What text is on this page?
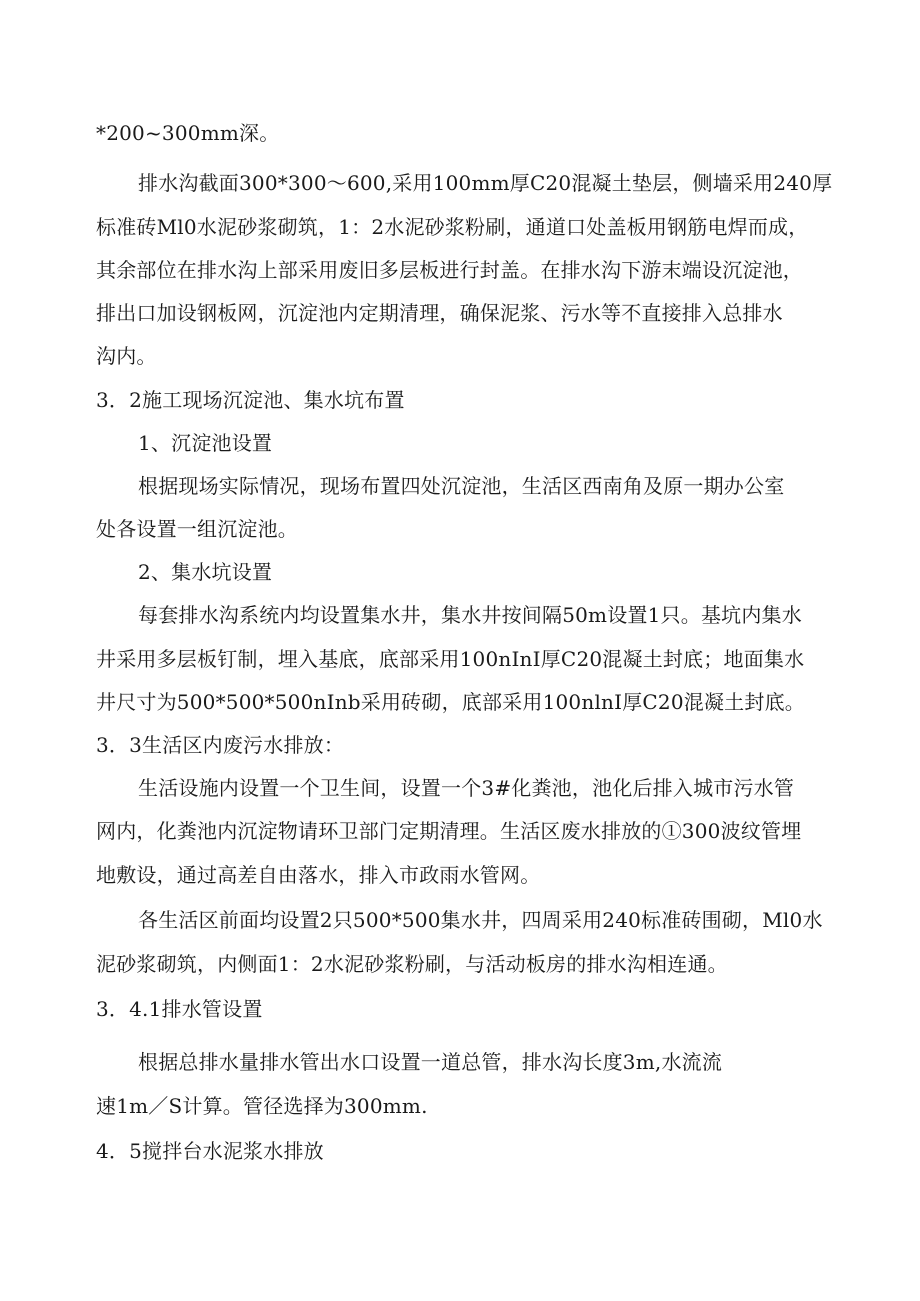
*200~300mm深。

排水沟截面300*300～600,采用100mm厚C20混凝土垫层，侧墙采用240厚

标准砖Ml0水泥砂浆砌筑，1：2水泥砂浆粉刷，通道口处盖板用钢筋电焊而成，

其余部位在排水沟上部采用废旧多层板进行封盖。在排水沟下游末端设沉淀池，

排出口加设钢板网，沉淀池内定期清理，确保泥浆、污水等不直接排入总排水

沟内。

3．2施工现场沉淀池、集水坑布置

1、沉淀池设置

根据现场实际情况，现场布置四处沉淀池，生活区西南角及原一期办公室

处各设置一组沉淀池。

2、集水坑设置

每套排水沟系统内均设置集水井，集水井按间隔50m设置1只。基坑内集水

井采用多层板钉制，埋入基底，底部采用100nInI厚C20混凝土封底；地面集水

井尺寸为500*500*500nInb采用砖砌，底部采用100nlnI厚C20混凝土封底。

3．3生活区内废污水排放：

生活设施内设置一个卫生间，设置一个3#化粪池，池化后排入城市污水管

网内，化粪池内沉淀物请环卫部门定期清理。生活区废水排放的①300波纹管埋

地敷设，通过高差自由落水，排入市政雨水管网。

各生活区前面均设置2只500*500集水井，四周采用240标准砖围砌，Ml0水

泥砂浆砌筑，内侧面1：2水泥砂浆粉刷，与活动板房的排水沟相连通。

3．4.1排水管设置

根据总排水量排水管出水口设置一道总管，排水沟长度3m,水流流

速1m／S计算。管径选择为300mm.

4．5搅拌台水泥浆水排放
